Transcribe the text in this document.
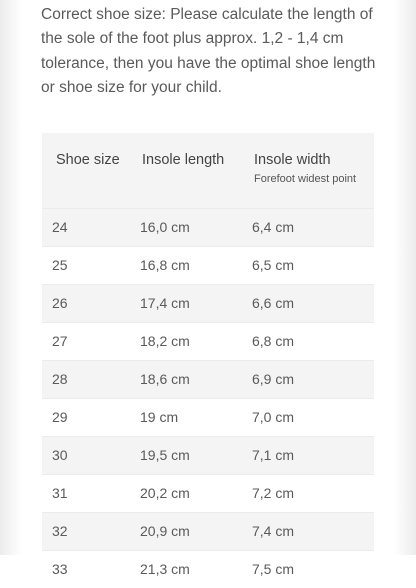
Correct shoe size: Please calculate the length of the sole of the foot plus approx. 1,2 - 1,4 cm tolerance, then you have the optimal shoe length or shoe size for your child.

Shoe size	Insole length	Insole width
Forefoot widest point

24	16,0 cm	6,4 cm
25	16,8 cm	6,5 cm
26	17,4 cm	6,6 cm
27	18,2 cm	6,8 cm
28	18,6 cm	6,9 cm
29	19 cm	7,0 cm
30	19,5 cm	7,1 cm
31	20,2 cm	7,2 cm
32	20,9 cm	7,4 cm
33	21,3 cm	7,5 cm
